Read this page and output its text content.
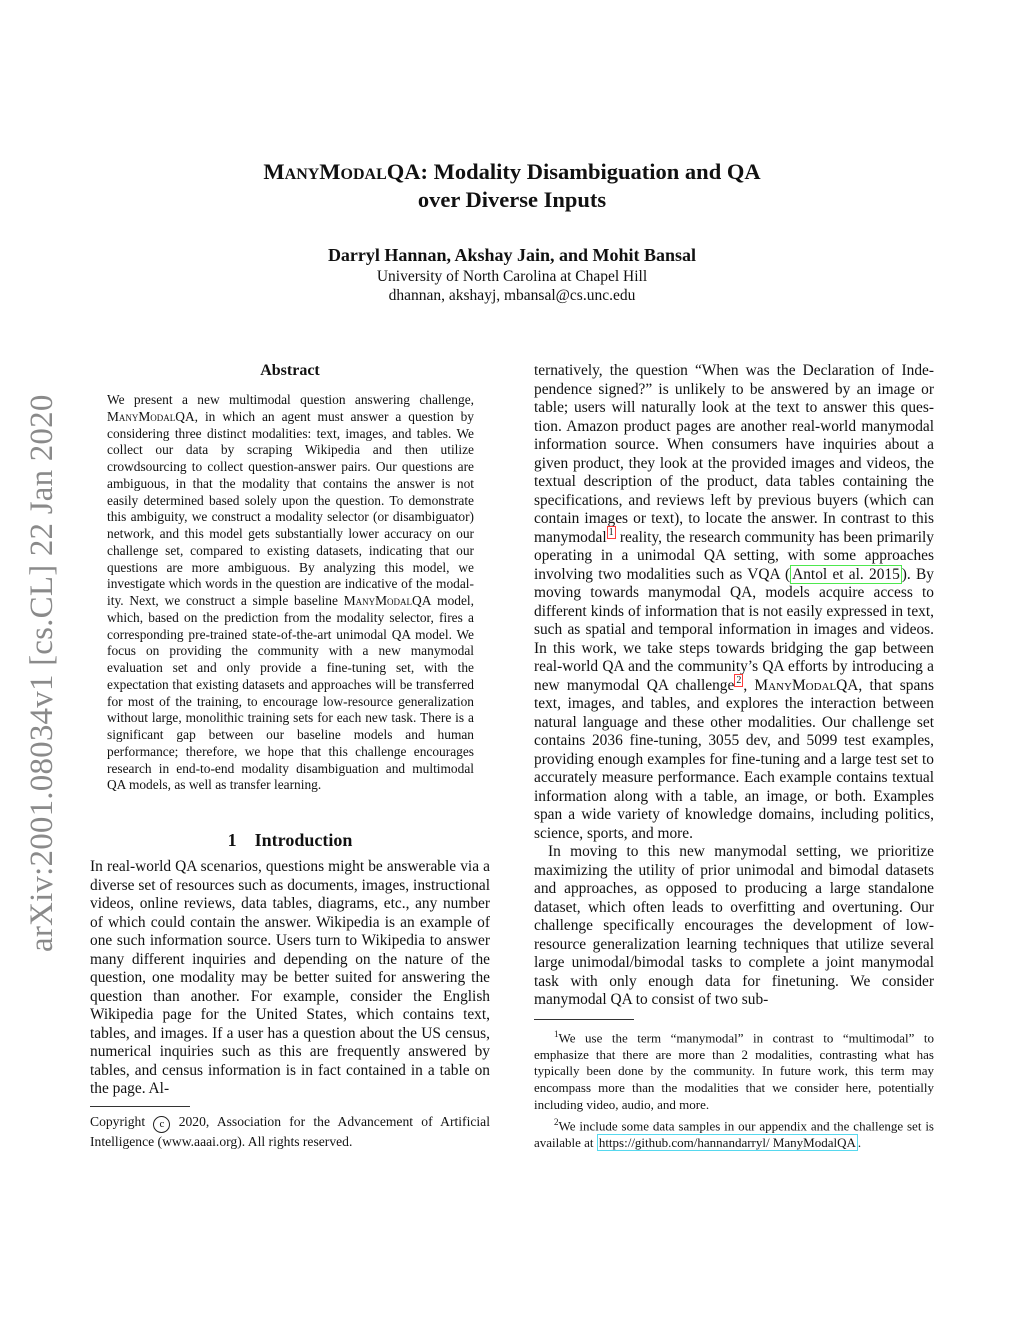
arXiv:2001.08034v1 [cs.CL] 22 Jan 2020
ManyModalQA: Modality Disambiguation and QA
over Diverse Inputs
Darryl Hannan, Akshay Jain, and Mohit Bansal
University of North Carolina at Chapel Hill
dhannan, akshayj, mbansal@cs.unc.edu
Abstract
We present a new multimodal question answering challenge, ManyModalQA, in which an agent must answer a question by considering three distinct modalities: text, images, and tables. We collect our data by scraping Wikipedia and then utilize crowdsourcing to collect question-answer pairs. Our questions are ambiguous, in that the modality that contains the answer is not easily determined based solely upon the question. To demonstrate this ambiguity, we construct a modality selector (or disambiguator) network, and this model gets substantially lower accuracy on our challenge set, compared to existing datasets, indicating that our questions are more ambiguous. By analyzing this model, we investigate which words in the question are indicative of the modality. Next, we construct a simple baseline ManyModalQA model, which, based on the prediction from the modality selector, fires a corresponding pre-trained state-of-the-art unimodal QA model. We focus on providing the community with a new manymodal evaluation set and only provide a fine-tuning set, with the expectation that existing datasets and approaches will be transferred for most of the training, to encourage low-resource generalization without large, monolithic training sets for each new task. There is a significant gap between our baseline models and human performance; therefore, we hope that this challenge encourages research in end-to-end modality disambiguation and multimodal QA models, as well as transfer learning.
1 Introduction
In real-world QA scenarios, questions might be answerable via a diverse set of resources such as documents, images, instructional videos, online reviews, data tables, diagrams, etc., any number of which could contain the answer. Wikipedia is an example of one such information source. Users turn to Wikipedia to answer many different inquiries and depending on the nature of the question, one modality may be better suited for answering the question than another. For example, consider the English Wikipedia page for the United States, which contains text, tables, and images. If a user has a question about the US census, numerical inquiries such as this are frequently answered by tables, and census information is in fact contained in a table on the page. Al-
Copyright c 2020, Association for the Advancement of Artificial Intelligence (www.aaai.org). All rights reserved.
ternatively, the question “When was the Declaration of Independence signed?” is unlikely to be answered by an image or table; users will naturally look at the text to answer this question. Amazon product pages are another real-world manymodal information source. When consumers have inquiries about a given product, they look at the provided images and videos, the textual description of the product, data tables containing the specifications, and reviews left by previous buyers (which can contain images or text), to locate the answer. In contrast to this manymodal $^1$ reality, the research community has been primarily operating in a unimodal QA setting, with some approaches involving two modalities such as VQA ( Antol et al. 2015 ). By moving towards manymodal QA, models acquire access to different kinds of information that is not easily expressed in text, such as spatial and temporal information in images and videos. In this work, we take steps towards bridging the gap between real-world QA and the community’s QA efforts by introducing a new manymodal QA challenge $^2$ , ManyModalQA, that spans text, images, and tables, and explores the interaction between natural language and these other modalities. Our challenge set contains 2036 fine-tuning, 3055 dev, and 5099 test examples, providing enough examples for fine-tuning and a large test set to accurately measure performance. Each example contains textual information along with a table, an image, or both. Examples span a wide variety of knowledge domains, including politics, science, sports, and more.
In moving to this new manymodal setting, we prioritize maximizing the utility of prior unimodal and bimodal datasets and approaches, as opposed to producing a large standalone dataset, which often leads to overfitting and overtuning. Our challenge specifically encourages the development of low-resource generalization learning techniques that utilize several large unimodal/bimodal tasks to complete a joint manymodal task with only enough data for finetuning. We consider manymodal QA to consist of two sub-
$^1$We use the term “manymodal” in contrast to “multimodal” to emphasize that there are more than 2 modalities, contrasting what has typically been done by the community. In future work, this term may encompass more than the modalities that we consider here, potentially including video, audio, and more.
$^2$We include some data samples in our appendix and the challenge set is available at https://github.com/hannandarryl/ ManyModalQA .
